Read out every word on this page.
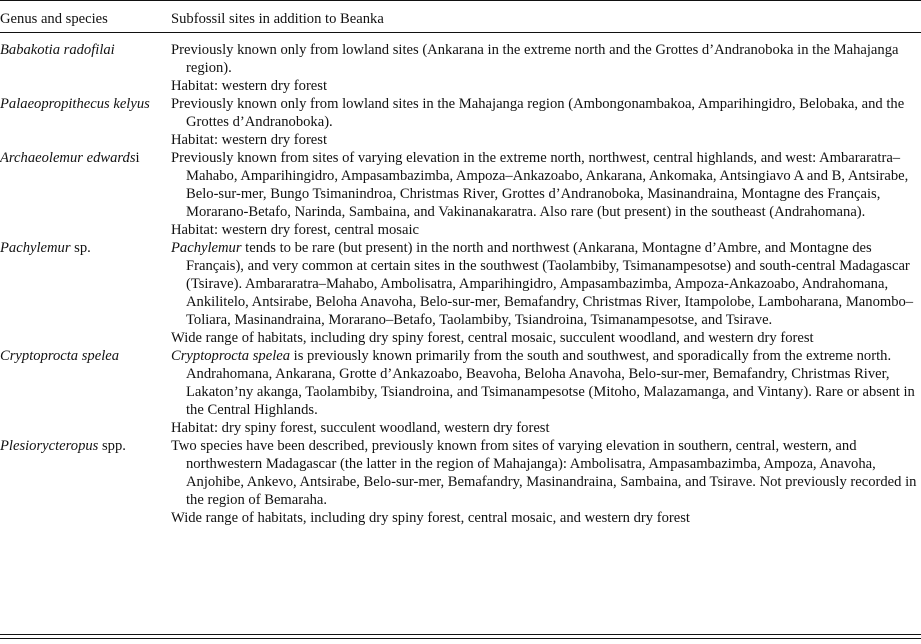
Genus and species	Subfossil sites in addition to Beanka
Babakotia radofilai	Previously known only from lowland sites (Ankarana in the extreme north and the Grottes d’Andranoboka in the Mahajanga region).
Habitat: western dry forest
Palaeopropithecus kelyus	Previously known only from lowland sites in the Mahajanga region (Ambongonambakoa, Amparihingidro, Belobaka, and the Grottes d’Andranoboka).
Habitat: western dry forest
Archaeolemur edwardsi	Previously known from sites of varying elevation in the extreme north, northwest, central highlands, and west: Ambararatra–Mahabo, Amparihingidro, Ampasambazimba, Ampoza–Ankazoabo, Ankarana, Ankomaka, Antsingiavo A and B, Antsirabe, Belo-sur-mer, Bungo Tsimanindroa, Christmas River, Grottes d’Andranoboka, Masinandraina, Montagne des Français, Morarano-Betafo, Narinda, Sambaina, and Vakinanakaratra. Also rare (but present) in the southeast (Andrahomana).
Habitat: western dry forest, central mosaic
Pachylemur sp.	Pachylemur tends to be rare (but present) in the north and northwest (Ankarana, Montagne d’Ambre, and Montagne des Français), and very common at certain sites in the southwest (Taolambiby, Tsimanampesotse) and south-central Madagascar (Tsirave). Ambararatra–Mahabo, Ambolisatra, Amparihingidro, Ampasambazimba, Ampoza-Ankazoabo, Andrahomana, Ankilitelo, Antsirabe, Beloha Anavoha, Belo-sur-mer, Bemafandry, Christmas River, Itampolobe, Lamboharana, Manombo–Toliara, Masinandraina, Morarano–Betafo, Taolambiby, Tsiandroina, Tsimanampesotse, and Tsirave.
Wide range of habitats, including dry spiny forest, central mosaic, succulent woodland, and western dry forest
Cryptoprocta spelea	Cryptoprocta spelea is previously known primarily from the south and southwest, and sporadically from the extreme north. Andrahomana, Ankarana, Grotte d’Ankazoabo, Beavoha, Beloha Anavoha, Belo-sur-mer, Bemafandry, Christmas River, Lakaton’ny akanga, Taolambiby, Tsiandroina, and Tsimanampesotse (Mitoho, Malazamanga, and Vintany). Rare or absent in the Central Highlands.
Habitat: dry spiny forest, succulent woodland, western dry forest
Plesiorycteropus spp.	Two species have been described, previously known from sites of varying elevation in southern, central, western, and northwestern Madagascar (the latter in the region of Mahajanga): Ambolisatra, Ampasambazimba, Ampoza, Anavoha, Anjohibe, Ankevo, Antsirabe, Belo-sur-mer, Bemafandry, Masinandraina, Sambaina, and Tsirave. Not previously recorded in the region of Bemaraha.
Wide range of habitats, including dry spiny forest, central mosaic, and western dry forest
